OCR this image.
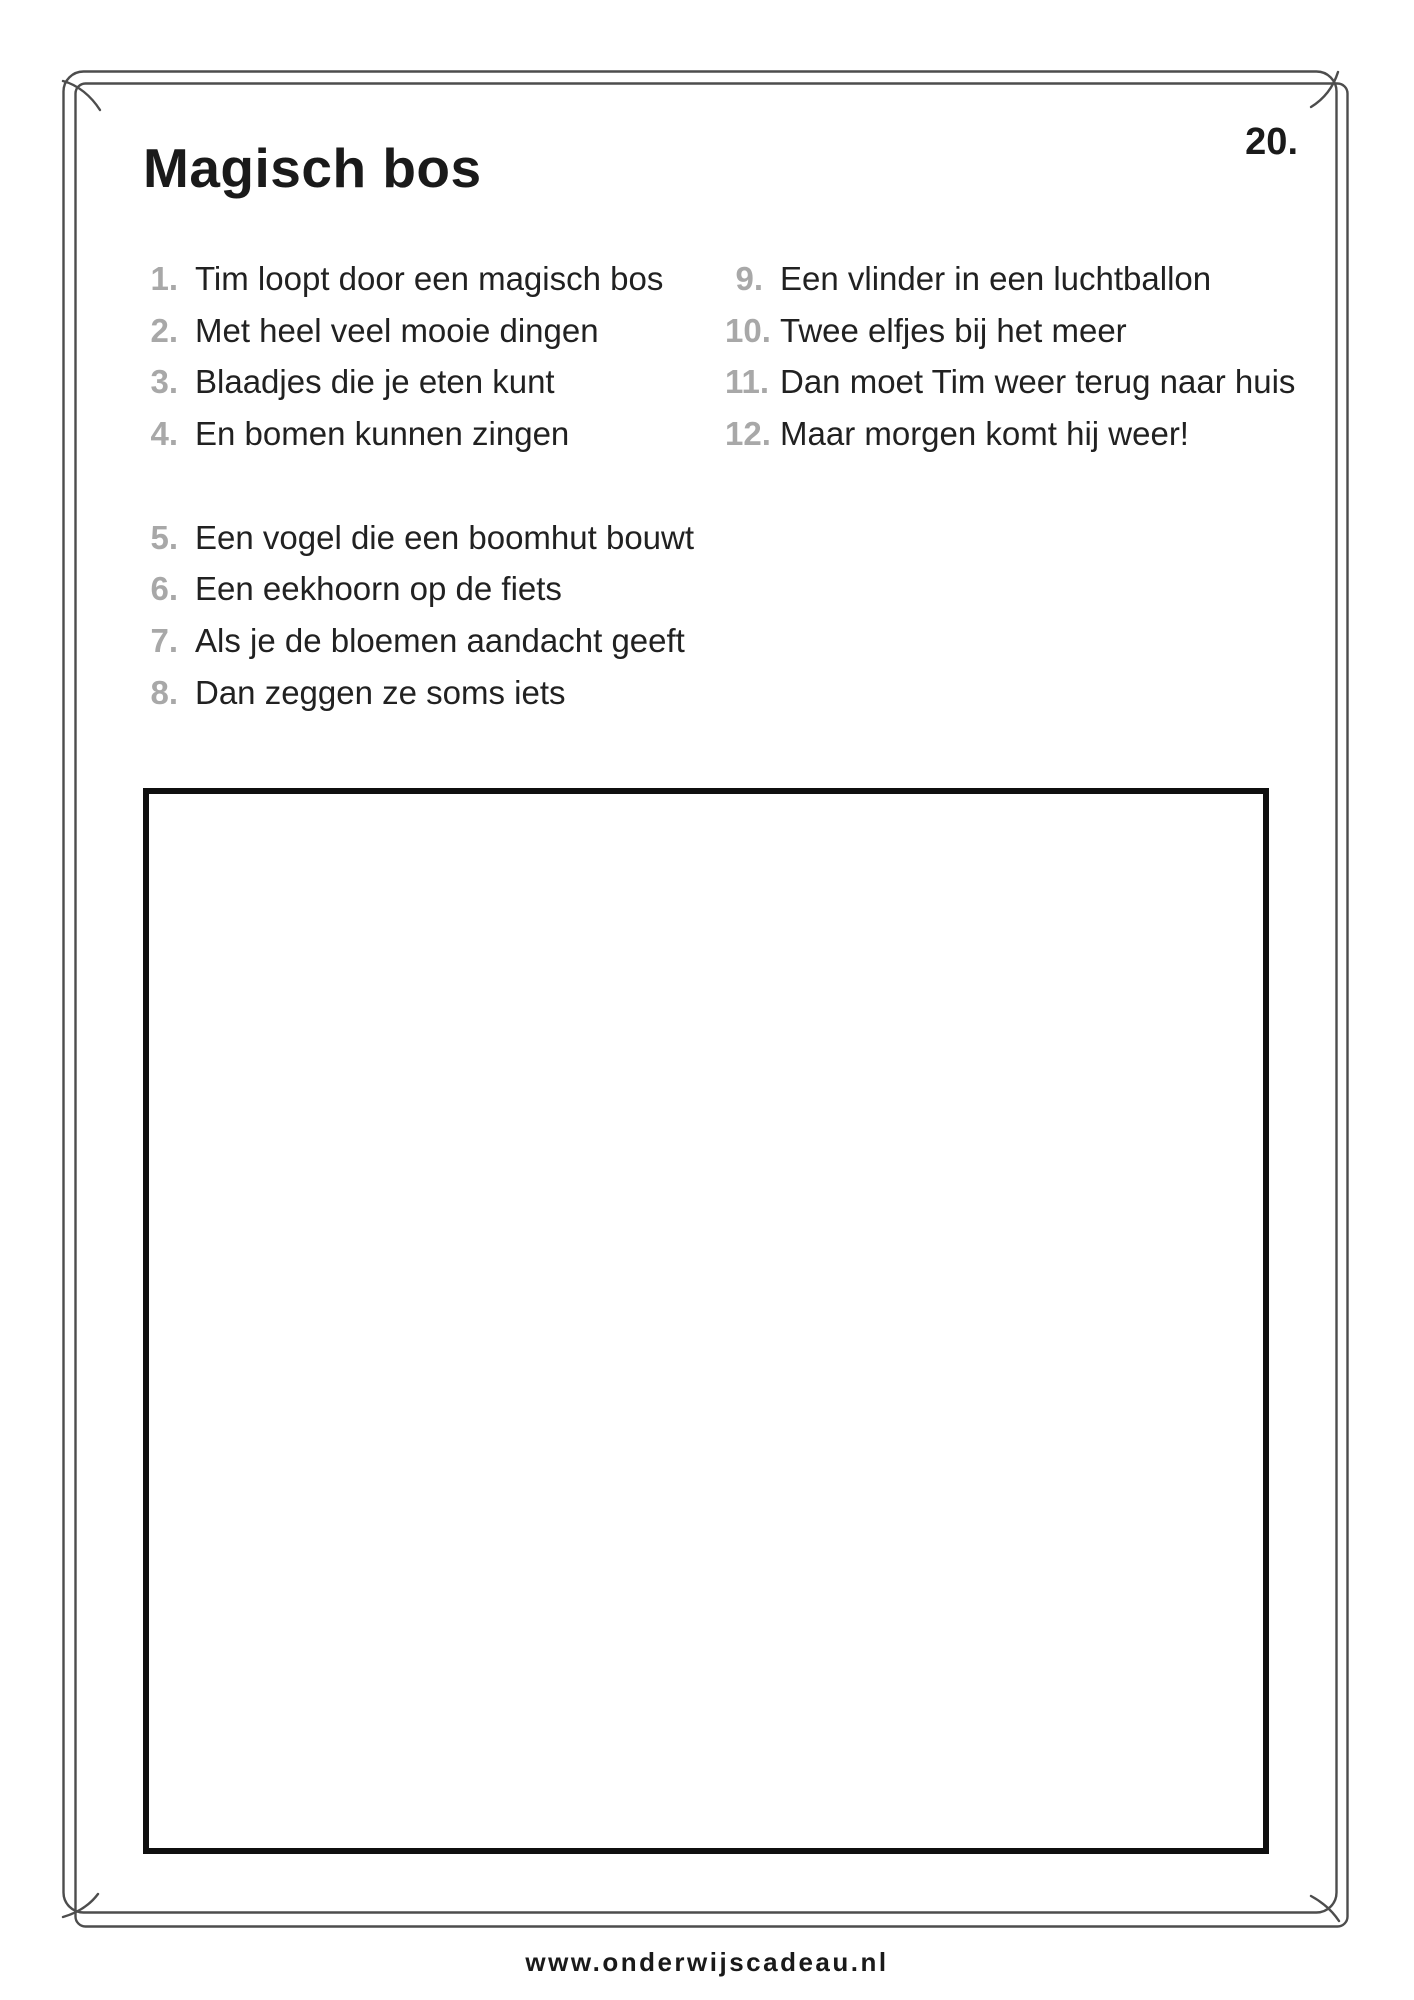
20.
Magisch bos
1. Tim loopt door een magisch bos
2. Met heel veel mooie dingen
3. Blaadjes die je eten kunt
4. En bomen kunnen zingen
5. Een vogel die een boomhut bouwt
6. Een eekhoorn op de fiets
7. Als je de bloemen aandacht geeft
8. Dan zeggen ze soms iets
9. Een vlinder in een luchtballon
10. Twee elfjes bij het meer
11. Dan moet Tim weer terug naar huis
12. Maar morgen komt hij weer!
www.onderwijscadeau.nl
